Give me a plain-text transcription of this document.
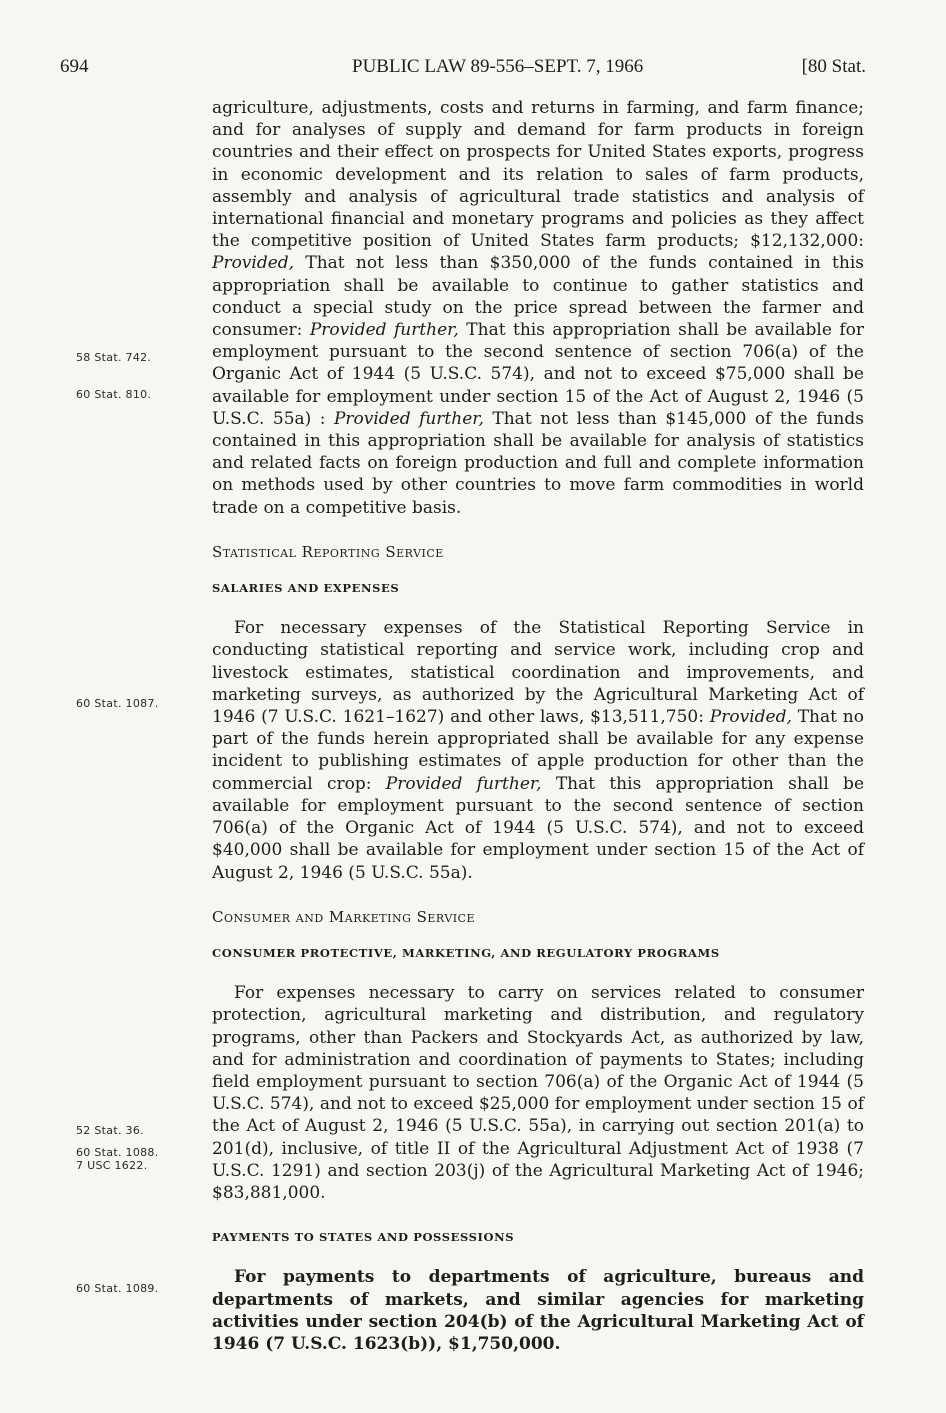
694	PUBLIC LAW 89-556–SEPT. 7, 1966	[80 Stat.
58 Stat. 742.
60 Stat. 810.
60 Stat. 1087.
52 Stat. 36.
60 Stat. 1088.
7 USC 1622.
60 Stat. 1089.

agriculture, adjustments, costs and returns in farming, and farm finance; and for analyses of supply and demand for farm products in foreign countries and their effect on prospects for United States exports, progress in economic development and its relation to sales of farm products, assembly and analysis of agricultural trade statistics and analysis of international financial and monetary programs and policies as they affect the competitive position of United States farm products; $12,132,000: Provided, That not less than $350,000 of the funds contained in this appropriation shall be available to continue to gather statistics and conduct a special study on the price spread between the farmer and consumer: Provided further, That this appropriation shall be available for employment pursuant to the second sentence of section 706(a) of the Organic Act of 1944 (5 U.S.C. 574), and not to exceed $75,000 shall be available for employment under section 15 of the Act of August 2, 1946 (5 U.S.C. 55a) : Provided further, That not less than $145,000 of the funds contained in this appropriation shall be available for analysis of statistics and related facts on foreign production and full and complete information on methods used by other countries to move farm commodities in world trade on a competitive basis.

Statistical Reporting Service

SALARIES AND EXPENSES

For necessary expenses of the Statistical Reporting Service in conducting statistical reporting and service work, including crop and livestock estimates, statistical coordination and improvements, and marketing surveys, as authorized by the Agricultural Marketing Act of 1946 (7 U.S.C. 1621–1627) and other laws, $13,511,750: Provided, That no part of the funds herein appropriated shall be available for any expense incident to publishing estimates of apple production for other than the commercial crop: Provided further, That this appropriation shall be available for employment pursuant to the second sentence of section 706(a) of the Organic Act of 1944 (5 U.S.C. 574), and not to exceed $40,000 shall be available for employment under section 15 of the Act of August 2, 1946 (5 U.S.C. 55a).

Consumer and Marketing Service

CONSUMER PROTECTIVE, MARKETING, AND REGULATORY PROGRAMS

For expenses necessary to carry on services related to consumer protection, agricultural marketing and distribution, and regulatory programs, other than Packers and Stockyards Act, as authorized by law, and for administration and coordination of payments to States; including field employment pursuant to section 706(a) of the Organic Act of 1944 (5 U.S.C. 574), and not to exceed $25,000 for employment under section 15 of the Act of August 2, 1946 (5 U.S.C. 55a), in carrying out section 201(a) to 201(d), inclusive, of title II of the Agricultural Adjustment Act of 1938 (7 U.S.C. 1291) and section 203(j) of the Agricultural Marketing Act of 1946; $83,881,000.

PAYMENTS TO STATES AND POSSESSIONS

For payments to departments of agriculture, bureaus and departments of markets, and similar agencies for marketing activities under section 204(b) of the Agricultural Marketing Act of 1946 (7 U.S.C. 1623(b)), $1,750,000.
